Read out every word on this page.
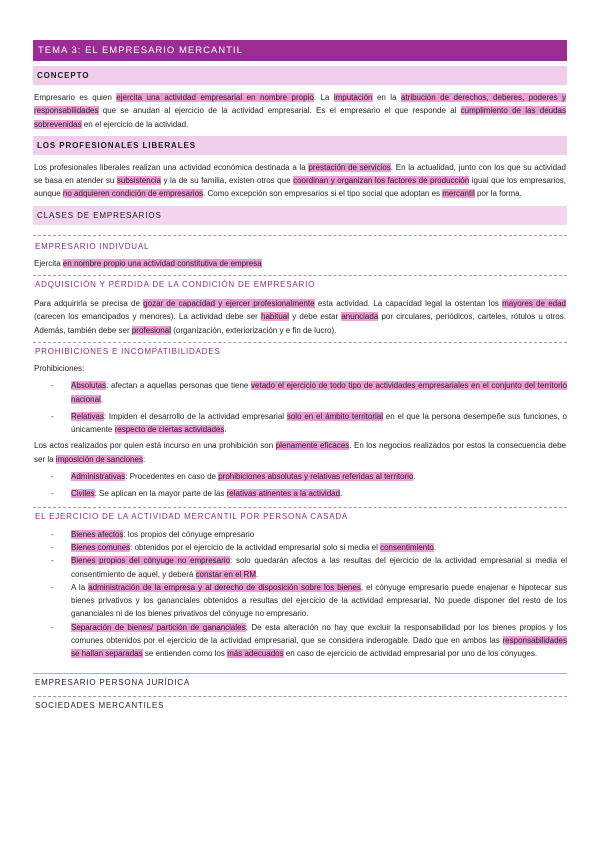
TEMA 3: EL EMPRESARIO MERCANTIL
CONCEPTO

Empresario es quien ejercita una actividad empresarial en nombre propio. La imputación en la atribución de derechos, deberes, poderes y responsabilidades que se anudan al ejercicio de la actividad empresarial. Es el empresario el que responde al cumplimiento de las deudas sobrevenidas en el ejercicio de la actividad.

LOS PROFESIONALES LIBERALES

Los profesionales liberales realizan una actividad económica destinada a la prestación de servicios. En la actualidad, junto con los que su actividad se basa en atender su subsistencia y la de su familia, existen otros que coordinan y organizan los factores de producción igual que los empresarios, aunque no adquieren condición de empresarios. Como excepción son empresarios si el tipo social que adoptan es mercantil por la forma.

CLASES DE EMPRESARIOS
EMPRESARIO INDIVDUAL

Ejercita en nombre propio una actividad constitutiva de empresa

ADQUISICIÓN Y PÉRDIDA DE LA CONDICIÓN DE EMPRESARIO

Para adquirirla se precisa de gozar de capacidad y ejercer profesionalmente esta actividad. La capacidad legal la ostentan los mayores de edad (carecen los emancipados y menores). La actividad debe ser habitual y debe estar anunciada por circulares, periódicos, carteles, rótulos u otros. Además, también debe ser profesional (organización, exteriorización y e fin de lucro).

PROHIBICIONES E INCOMPATIBILIDADES

Prohibiciones:

- Absolutas: afectan a aquellas personas que tiene vetado el ejercicio de todo tipo de actividades empresariales en el conjunto del territorio nacional.
- Relativas: Impiden el desarrollo de la actividad empresarial solo en el ámbito territorial en el que la persona desempeñe sus funciones, o únicamente respecto de ciertas actividades.

Los actos realizados por quien está incurso en una prohibición son plenamente eficaces. En los negocios realizados por estos la consecuencia debe ser la imposición de sanciones:

- Administrativas: Procedentes en caso de prohibiciones absolutas y relativas referidas al territorio.
- Civiles: Se aplican en la mayor parte de las relativas atinentes a la actividad.
EL EJERCICIO DE LA ACTIVIDAD MERCANTIL POR PERSONA CASADA
- Bienes afectos: los propios del cónyuge empresario
- Bienes comunes: obtenidos por el ejercicio de la actividad empresarial solo si media el consentimiento.
- Bienes propios del cónyuge no empresario: solo quedarán afectos a las resultas del ejercicio de la actividad empresarial si media el consentimiento de aquel, y deberá constar en el RM.
- A la administración de la empresa y al derecho de disposición sobre los bienes, el cónyuge empresario puede enajenar e hipotecar sus bienes privativos y los gananciales obtenidos a resultas del ejercicio de la actividad empresarial. No puede disponer del resto de los gananciales ni de los bienes privativos del cónyuge no empresario.
- Separación de bienes/ partición de gananciales: De esta alteración no hay que excluir la responsabilidad por los bienes propios y los comunes obtenidos por el ejercicio de la actividad empresarial, que se considera inderogable. Dado que en ambos las responsabilidades se hallan separadas se entienden como los más adecuados en caso de ejercicio de actividad empresarial por uno de los cónyuges.
EMPRESARIO PERSONA JURÍDICA
SOCIEDADES MERCANTILES
